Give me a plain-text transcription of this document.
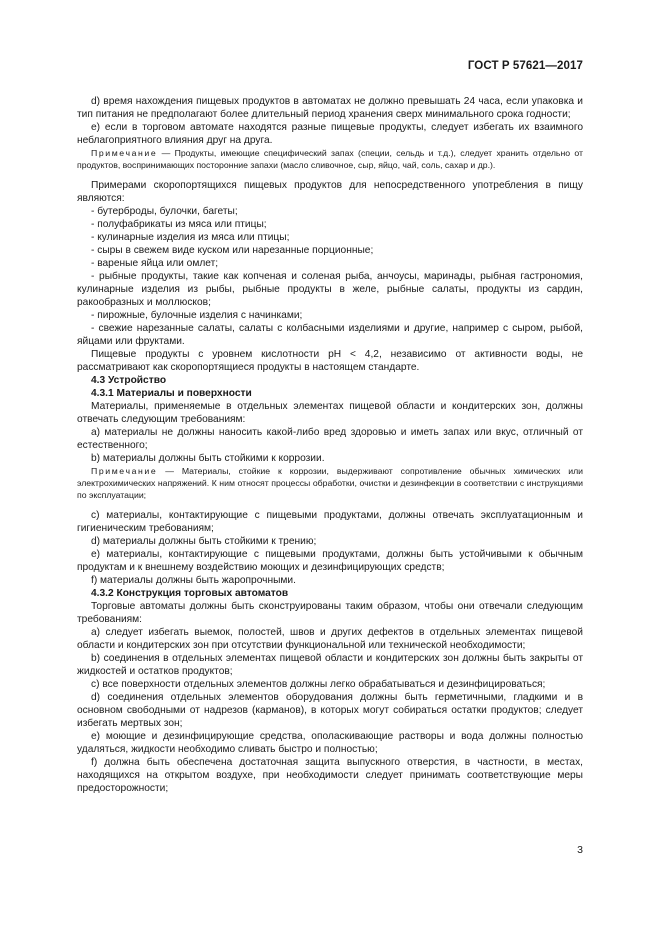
ГОСТ Р 57621—2017

d) время нахождения пищевых продуктов в автоматах не должно превышать 24 часа, если упаковка и тип питания не предполагают более длительный период хранения сверх минимального срока годности;

е) если в торговом автомате находятся разные пищевые продукты, следует избегать их взаимного неблагоприятного влияния друг на друга.

Примечание — Продукты, имеющие специфический запах (специи, сельдь и т.д.), следует хранить отдельно от продуктов, воспринимающих посторонние запахи (масло сливочное, сыр, яйцо, чай, соль, сахар и др.).

Примерами скоропортящихся пищевых продуктов для непосредственного употребления в пищу являются:

- бутерброды, булочки, багеты;

- полуфабрикаты из мяса или птицы;

- кулинарные изделия из мяса или птицы;

- сыры в свежем виде куском или нарезанные порционные;

- вареные яйца или омлет;

- рыбные продукты, такие как копченая и соленая рыба, анчоусы, маринады, рыбная гастрономия, кулинарные изделия из рыбы, рыбные продукты в желе, рыбные салаты, продукты из сардин, ракообразных и моллюсков;

- пирожные, булочные изделия с начинками;

- свежие нарезанные салаты, салаты с колбасными изделиями и другие, например с сыром, рыбой, яйцами или фруктами.

Пищевые продукты с уровнем кислотности pH < 4,2, независимо от активности воды, не рассматривают как скоропортящиеся продукты в настоящем стандарте.

4.3 Устройство

4.3.1 Материалы и поверхности

Материалы, применяемые в отдельных элементах пищевой области и кондитерских зон, должны отвечать следующим требованиям:

а) материалы не должны наносить какой-либо вред здоровью и иметь запах или вкус, отличный от естественного;

b) материалы должны быть стойкими к коррозии.

Примечание — Материалы, стойкие к коррозии, выдерживают сопротивление обычных химических или электрохимических напряжений. К ним относят процессы обработки, очистки и дезинфекции в соответствии с инструкциями по эксплуатации;

с) материалы, контактирующие с пищевыми продуктами, должны отвечать эксплуатационным и гигиеническим требованиям;

d) материалы должны быть стойкими к трению;

е) материалы, контактирующие с пищевыми продуктами, должны быть устойчивыми к обычным продуктам и к внешнему воздействию моющих и дезинфицирующих средств;

f) материалы должны быть жаропрочными.

4.3.2 Конструкция торговых автоматов

Торговые автоматы должны быть сконструированы таким образом, чтобы они отвечали следующим требованиям:

а) следует избегать выемок, полостей, швов и других дефектов в отдельных элементах пищевой области и кондитерских зон при отсутствии функциональной или технической необходимости;

b) соединения в отдельных элементах пищевой области и кондитерских зон должны быть закрыты от жидкостей и остатков продуктов;

с) все поверхности отдельных элементов должны легко обрабатываться и дезинфицироваться;

d) соединения отдельных элементов оборудования должны быть герметичными, гладкими и в основном свободными от надрезов (карманов), в которых могут собираться остатки продуктов; следует избегать мертвых зон;

е) моющие и дезинфицирующие средства, ополаскивающие растворы и вода должны полностью удаляться, жидкости необходимо сливать быстро и полностью;

f) должна быть обеспечена достаточная защита выпускного отверстия, в частности, в местах, находящихся на открытом воздухе, при необходимости следует принимать соответствующие меры предосторожности;

3
